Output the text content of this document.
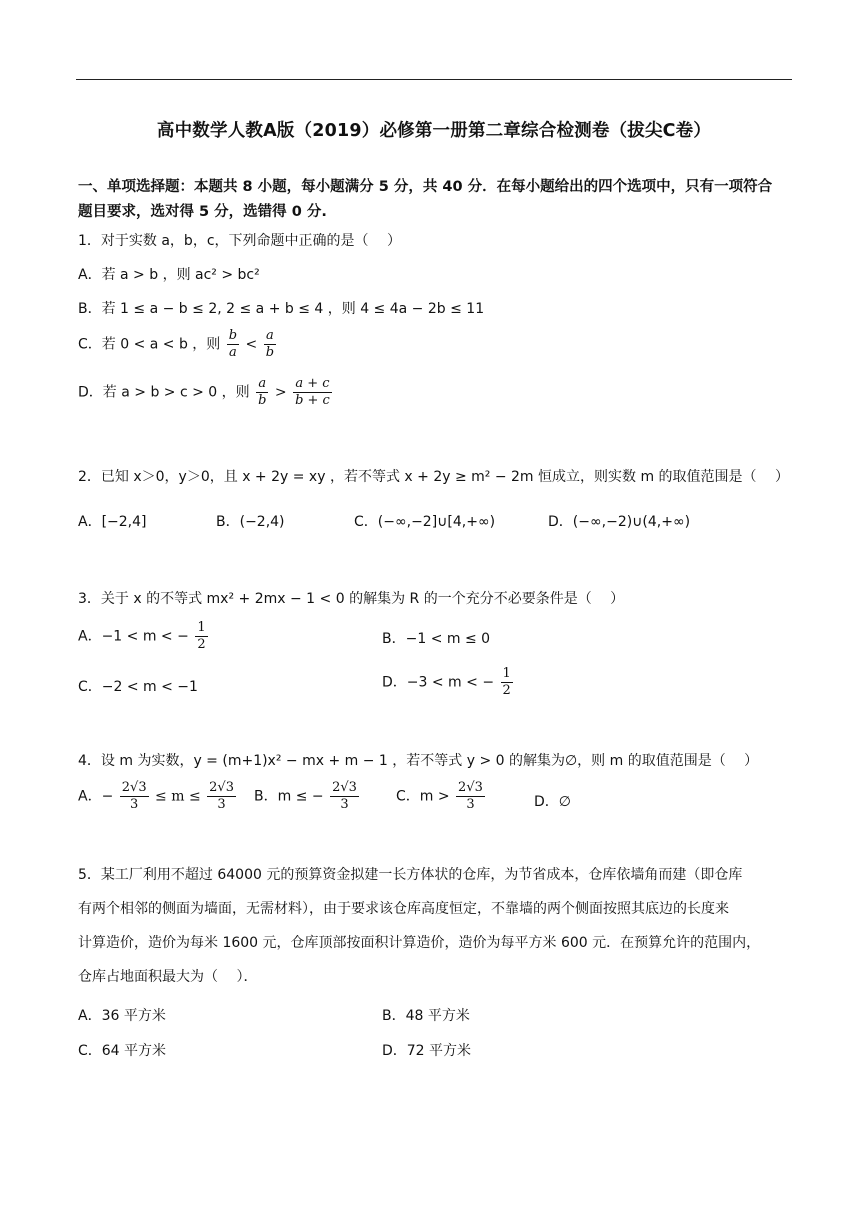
高中数学人教A版（2019）必修第一册第二章综合检测卷（拔尖C卷）
一、单项选择题：本题共 8 小题，每小题满分 5 分，共 40 分．在每小题给出的四个选项中，只有一项符合
题目要求，选对得 5 分，选错得 0 分.
1．对于实数 a，b，c，下列命题中正确的是（　 ）
A．若 a > b ，则 ac² > bc²
B．若 1 ≤ a − b ≤ 2, 2 ≤ a + b ≤ 4 ，则 4 ≤ 4a − 2b ≤ 11
C．若 0 < a < b ，则 $\frac{b}{a} < \frac{a}{b}$
D．若 a > b > c > 0 ，则 $\frac{a}{b} > \frac{a + c}{b + c}$
2．已知 x＞0，y＞0，且 x + 2y = xy ，若不等式 x + 2y ≥ m² − 2m 恒成立，则实数 m 的取值范围是（　 ）
A．[−2,4]	B．(−2,4)	C．(−∞,−2]∪[4,+∞)	D．(−∞,−2)∪(4,+∞)
3．关于 x 的不等式 mx² + 2mx − 1 < 0 的解集为 R 的一个充分不必要条件是（　 ）
A．−1 < m < − $\frac{1}{2}$	B．−1 < m ≤ 0
C．−2 < m < −1	D．−3 < m < − $\frac{1}{2}$
4．设 m 为实数，y = (m+1)x² − mx + m − 1 ，若不等式 y > 0 的解集为∅，则 m 的取值范围是（　 ）
A．− $\frac{2√3}{3} \le m \le \frac{2√3}{3}$ B．m ≤ − $\frac{2√3}{3}$	C．$m > \frac{2√3}{3}$	D．∅
5．某工厂利用不超过 64000 元的预算资金拟建一长方体状的仓库，为节省成本，仓库依墙角而建（即仓库
有两个相邻的侧面为墙面，无需材料），由于要求该仓库高度恒定，不靠墙的两个侧面按照其底边的长度来
计算造价，造价为每米 1600 元，仓库顶部按面积计算造价，造价为每平方米 600 元．在预算允许的范围内，
仓库占地面积最大为（　 ）．
A．36 平方米	B．48 平方米
C．64 平方米	D．72 平方米
